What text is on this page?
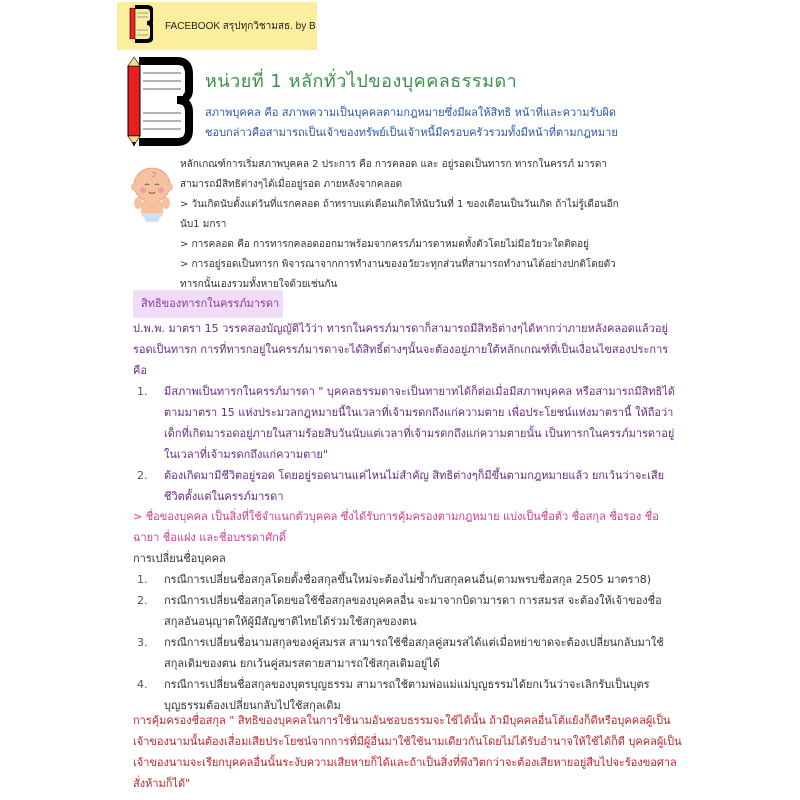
FACEBOOK สรุปทุกวิชามสธ. by B
หน่วยที่ 1 หลักทั่วไปของบุคคลธรรมดา
สภาพบุคคล คือ สภาพความเป็นบุคคลตามกฎหมายซึ่งมีผลให้สิทธิ หน้าที่และความรับผิด
ชอบกล่าวคือสามารถเป็นเจ้าของทรัพย์เป็นเจ้าหนี้มีครอบครัวรวมทั้งมีหน้าที่ตามกฎหมาย
หลักเกณฑ์การเริ่มสภาพบุคคล 2 ประการ คือ การคลอด และ อยู่รอดเป็นทารก ทารกในครรภ์ มารดา
สามารถมีสิทธิต่างๆได้เมื่ออยู่รอด ภายหลังจากคลอด
> วันเกิดนับตั้งแต่วันที่แรกคลอด ถ้าทราบแต่เดือนเกิดให้นับวันที่ 1 ของเดือนเป็นวันเกิด ถ้าไม่รู้เดือนอีก
นับ1 มกรา
> การคลอด คือ การทารกคลอดออกมาพร้อมจากครรภ์มารดาหมดทั้งตัวโดยไม่มีอวัยวะใดติดอยู่
> การอยู่รอดเป็นทารก พิจารณาจากการทำงานของอวัยวะทุกส่วนที่สามารถทำงานได้อย่างปกติโดยตัว
ทารกนั้นเองรวมทั้งหายใจด้วยเช่นกัน
สิทธิของทารกในครรภ์มารดา
ป.พ.พ. มาตรา 15 วรรคสองบัญญัติไว้ว่า ทารกในครรภ์มารดาก็สามารถมีสิทธิต่างๆได้หากว่าภายหลังคลอดแล้วอยู่รอดเป็นทารก การที่ทารกอยู่ในครรภ์มารดาจะได้สิทธิ์ต่างๆนั้นจะต้องอยู่ภายใต้หลักเกณฑ์ที่เป็นเงื่อนไขสองประการคือ
1. มีสภาพเป็นทารกในครรภ์มารดา " บุคคลธรรมดาจะเป็นทายาทได้ก็ต่อเมื่อมีสภาพบุคคล หรือสามารถมีสิทธิได้ตามมาตรา 15 แห่งประมวลกฎหมายนี้ในเวลาที่เจ้ามรดกถึงแก่ความตาย เพื่อประโยชน์แห่งมาตรานี้ ให้ถือว่าเด็กที่เกิดมารอดอยู่ภายในสามร้อยสิบวันนับแต่เวลาที่เจ้ามรดกถึงแก่ความตายนั้น เป็นทารกในครรภ์มารดาอยู่ในเวลาที่เจ้ามรดกถึงแก่ความตาย"
2. ต้องเกิดมามีชีวิตอยู่รอด โดยอยู่รอดนานแค่ไหนไม่สำคัญ สิทธิต่างๆก็มีขึ้นตามกฎหมายแล้ว ยกเว้นว่าจะเสียชีวิตตั้งแต่ในครรภ์มารดา
> ชื่อของบุคคล เป็นสิ่งที่ใช้จำแนกตัวบุคคล ซึ่งได้รับการคุ้มครองตามกฎหมาย แบ่งเป็นชื่อตัว ชื่อสกุล ชื่อรอง ชื่อฉายา ชื่อแฝง และชื่อบรรดาศักดิ์
การเปลี่ยนชื่อบุคคล
1. กรณีการเปลี่ยนชื่อสกุลโดยตั้งชื่อสกุลขึ้นใหม่จะต้องไม่ซ้ำกับสกุลคนอื่น(ตามพรบชื่อสกุล 2505 มาตรา8)
2. กรณีการเปลี่ยนชื่อสกุลโดยขอใช้ชื่อสกุลของบุคคลอื่น จะมาจากบิดามารดา การสมรส จะต้องให้เจ้าของชื่อสกุลอันอนุญาตให้ผู้มีสัญชาติไทยได้ร่วมใช้สกุลของตน
3. กรณีการเปลี่ยนชื่อนามสกุลของคู่สมรส สามารถใช้ชื่อสกุลคู่สมรสได้แต่เมื่อหย่าขาดจะต้องเปลี่ยนกลับมาใช้สกุลเดิมของตน ยกเว้นคู่สมรสตายสามารถใช้สกุลเดิมอยู่ได้
4. กรณีการเปลี่ยนชื่อสกุลของบุตรบุญธรรม สามารถใช้ตามพ่อแม่แม่บุญธรรมได้ยกเว้นว่าจะเลิกรับเป็นบุตรบุญธรรมต้องเปลี่ยนกลับไปใช้สกุลเดิม
การคุ้มครองชื่อสกุล " สิทธิของบุคคลในการใช้นามอันชอบธรรมจะใช้ได้นั้น ถ้ามีบุคคลอื่นโต้แย้งก็ดีหรือบุคคลผู้เป็นเจ้าของนามนั้นต้องเสื่อมเสียประโยชน์จากการที่มีผู้อื่นมาใช้ใช้นามเดียวกันโดยไม่ได้รับอำนาจให้ใช้ได้ก็ดี บุคคลผู้เป็นเจ้าของนามจะเรียกบุคคลอื่นนั้นระงับความเสียหายก็ได้และถ้าเป็นสิ่งที่พึงวิตกว่าจะต้องเสียหายอยู่สืบไปจะร้องขอศาลสั่งห้ามก็ได้"
